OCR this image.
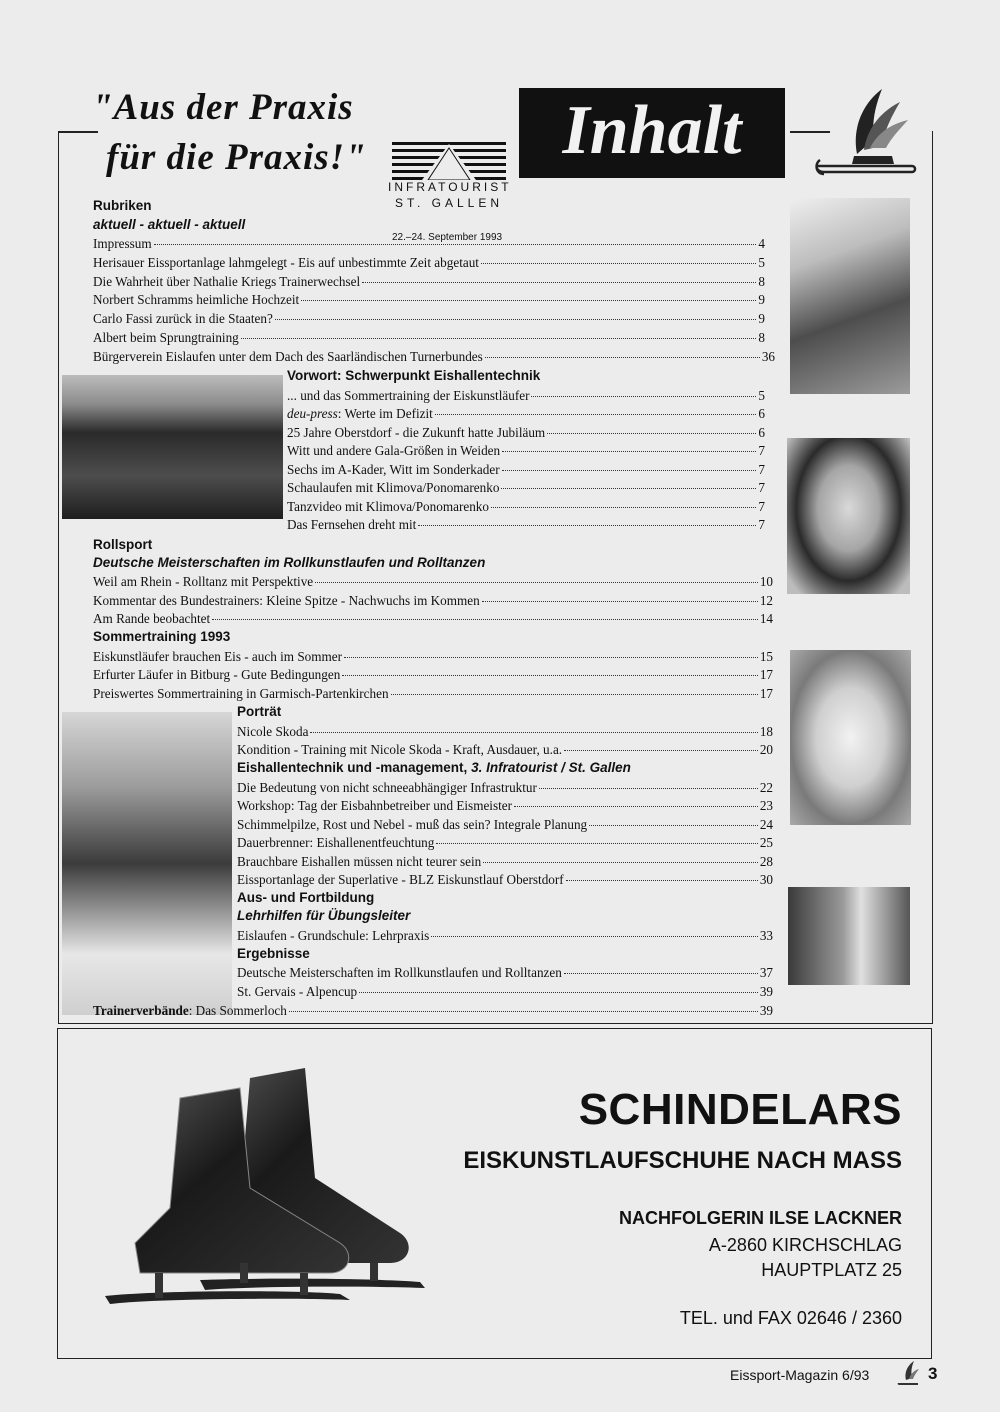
"Aus der Praxis
für die Praxis!"	Inhalt
INFRATOURIST
ST. GALLEN
22.–24. September 1993
Rubriken
aktuell - aktuell - aktuell
Impressum	4
Herisauer Eissportanlage lahmgelegt - Eis auf unbestimmte Zeit abgetaut	5
Die Wahrheit über Nathalie Kriegs Trainerwechsel	8
Norbert Schramms heimliche Hochzeit	9
Carlo Fassi zurück in die Staaten?	9
Albert beim Sprungtraining	8
Bürgerverein Eislaufen unter dem Dach des Saarländischen Turnerbundes	36
Vorwort: Schwerpunkt Eishallentechnik
... und das Sommertraining der Eiskunstläufer	5
deu-press: Werte im Defizit	6
25 Jahre Oberstdorf - die Zukunft hatte Jubiläum	6
Witt und andere Gala-Größen in Weiden	7
Sechs im A-Kader, Witt im Sonderkader	7
Schaulaufen mit Klimova/Ponomarenko	7
Tanzvideo mit Klimova/Ponomarenko	7
Das Fernsehen dreht mit	7
Rollsport
Deutsche Meisterschaften im Rollkunstlaufen und Rolltanzen
Weil am Rhein - Rolltanz mit Perspektive	10
Kommentar des Bundestrainers: Kleine Spitze - Nachwuchs im Kommen	12
Am Rande beobachtet	14
Sommertraining 1993
Eiskunstläufer brauchen Eis - auch im Sommer	15
Erfurter Läufer in Bitburg - Gute Bedingungen	17
Preiswertes Sommertraining in Garmisch-Partenkirchen	17
Porträt
Nicole Skoda	18
Kondition - Training mit Nicole Skoda - Kraft, Ausdauer, u.a.	20
Eishallentechnik und -management, 3. Infratourist / St. Gallen
Die Bedeutung von nicht schneeabhängiger Infrastruktur	22
Workshop: Tag der Eisbahnbetreiber und Eismeister	23
Schimmelpilze, Rost und Nebel - muß das sein? Integrale Planung	24
Dauerbrenner: Eishallenentfeuchtung	25
Brauchbare Eishallen müssen nicht teurer sein	28
Eissportanlage der Superlative - BLZ Eiskunstlauf Oberstdorf	30
Aus- und Fortbildung
Lehrhilfen für Übungsleiter
Eislaufen - Grundschule: Lehrpraxis	33
Ergebnisse
Deutsche Meisterschaften im Rollkunstlaufen und Rolltanzen	37
St. Gervais - Alpencup	39
Trainerverbände: Das Sommerloch	39
SCHINDELARS
EISKUNSTLAUFSCHUHE NACH MASS
NACHFOLGERIN ILSE LACKNER
A-2860 KIRCHSCHLAG
HAUPTPLATZ 25
TEL. und FAX 02646 / 2360
Eissport-Magazin 6/93	3
